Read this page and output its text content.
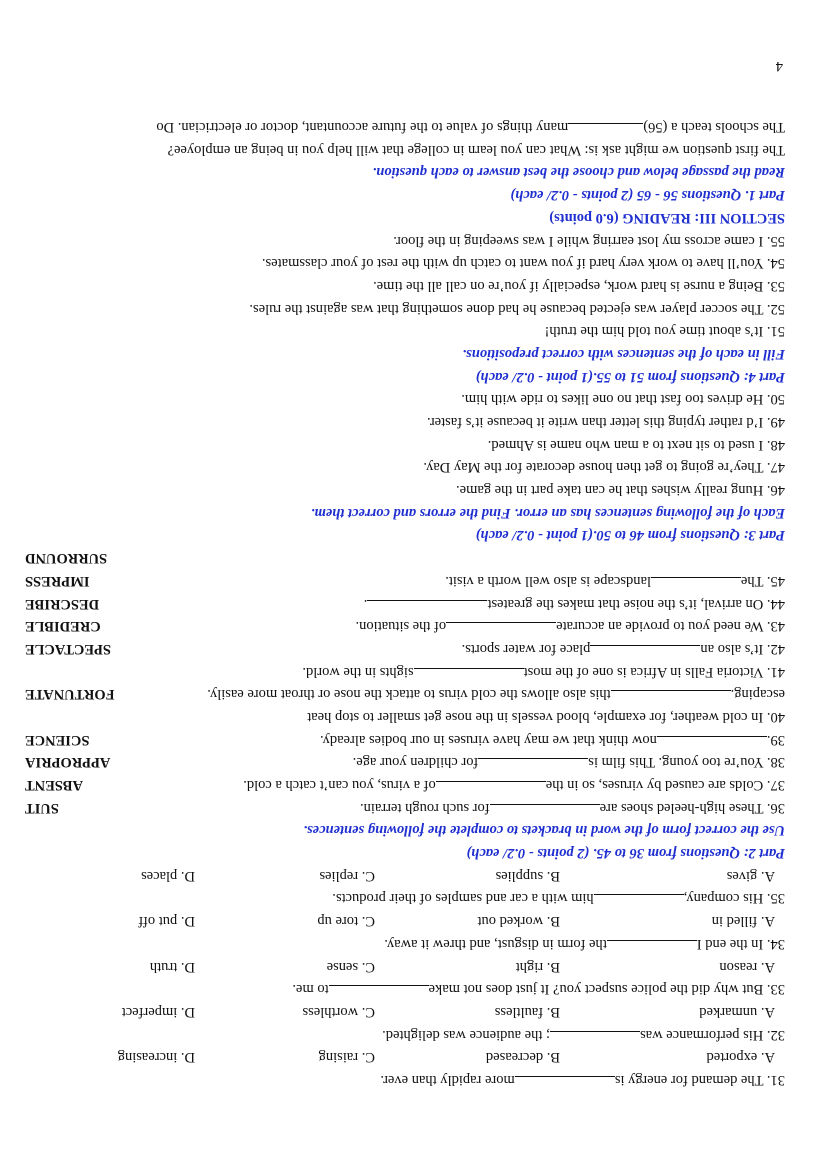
31. The demand for energy ismore rapidly than ever.
A. exported
B. decreased
C. raising
D. increasing
32. His performance was; the audience was delighted.
A. unmarked
B. faultless
C. worthless
D. imperfect
33. But why did the police suspect you? It just does not maketo me.
A. reason
B. right
C. sense
D. truth
34. In the end Ithe form in disgust, and threw it away.
A. filled in
B. worked out
C. tore up
D. put off
35. His company,him with a car and samples of their products.
A. gives
B. supplies
C. replies
D. places
Part 2: Questions from 36 to 45. (2 points - 0.2/ each)
Use the correct form of the word in brackets to complete the following sentences.
36. These high-heeled shoes arefor such rough terrain.
SUIT
37. Colds are caused by viruses, so in theof a virus, you can’t catch a cold.
ABSENT
38. You’re too young. This film isfor children your age.
APPROPRIA
39.now think that we may have viruses in our bodies already.
SCIENCE
40. In cold weather, for example, blood vessels in the nose get smaller to stop heat
escaping.this also allows the cold virus to attack the nose or throat more easily.
FORTUNATE
41. Victoria Falls in Africa is one of the mostsights in the world.
42. It’s also anplace for water sports.
SPECTACLE
43. We need you to provide an accurateof the situation.
CREDIBLE
44. On arrival, it’s the noise that makes the greatest.
DESCRIBE
45. Thelandscape is also well worth a visit.
IMPRESS
SURROUND
Part 3: Questions from 46 to 50.(1 point - 0.2/ each)
Each of the following sentences has an error. Find the errors and correct them.
46. Hung really wishes that he can take part in the game.
47. They’re going to get then house decorate for the May Day.
48. I used to sit next to a man who name is Ahmed.
49. I’d rather typing this letter than write it because it’s faster.
50. He drives too fast that no one likes to ride with him.
Part 4: Questions from 51 to 55.(1 point - 0.2/ each)
Fill in each of the sentences with correct prepositions.
51. It’s about time you told him the truth!
52. The soccer player was ejected because he had done something that was against the rules.
53. Being a nurse is hard work, especially if you’re on call all the time.
54. You’ll have to work very hard if you want to catch up with the rest of your classmates.
55. I came across my lost earring while I was sweeping in the floor.
SECTION III: READING (6.0 points)
Part 1. Questions 56 - 65 (2 points - 0.2/ each)
Read the passage below and choose the best answer to each question.
The first question we might ask is: What can you learn in college that will help you in being an employee?
The schools teach a (56)many things of value to the future accountant, doctor or electrician. Do
4
